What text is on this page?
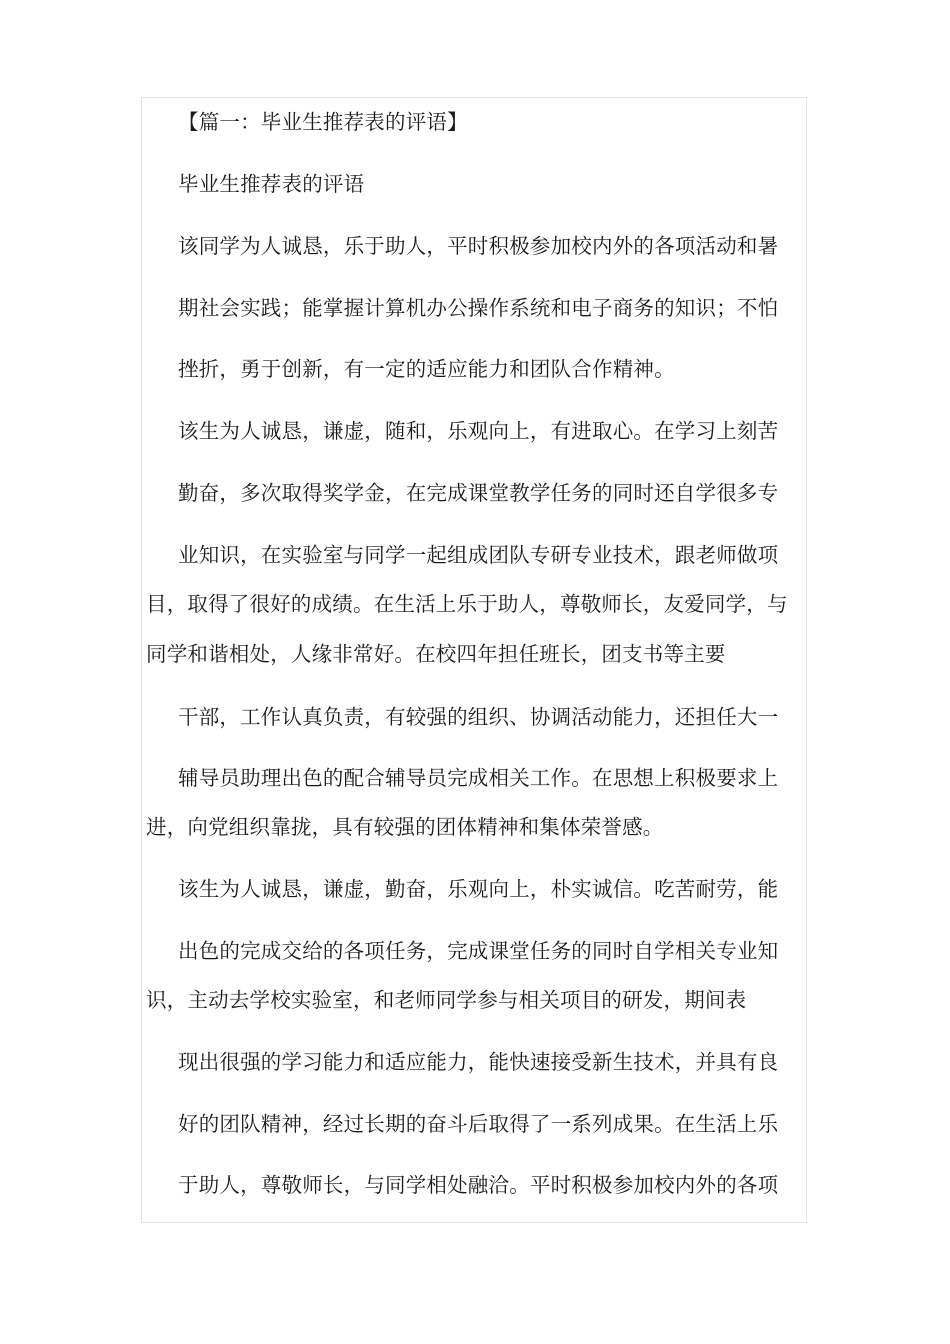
【篇一：毕业生推荐表的评语】
毕业生推荐表的评语
该同学为人诚恳，乐于助人，平时积极参加校内外的各项活动和暑
期社会实践；能掌握计算机办公操作系统和电子商务的知识；不怕
挫折，勇于创新，有一定的适应能力和团队合作精神。
该生为人诚恳，谦虚，随和，乐观向上，有进取心。在学习上刻苦
勤奋，多次取得奖学金，在完成课堂教学任务的同时还自学很多专
业知识，在实验室与同学一起组成团队专研专业技术，跟老师做项
目，取得了很好的成绩。在生活上乐于助人，尊敬师长，友爱同学，与
同学和谐相处，人缘非常好。在校四年担任班长，团支书等主要
干部，工作认真负责，有较强的组织、协调活动能力，还担任大一
辅导员助理出色的配合辅导员完成相关工作。在思想上积极要求上
进，向党组织靠拢，具有较强的团体精神和集体荣誉感。
该生为人诚恳，谦虚，勤奋，乐观向上，朴实诚信。吃苦耐劳，能
出色的完成交给的各项任务，完成课堂任务的同时自学相关专业知
识，主动去学校实验室，和老师同学参与相关项目的研发，期间表
现出很强的学习能力和适应能力，能快速接受新生技术，并具有良
好的团队精神，经过长期的奋斗后取得了一系列成果。在生活上乐
于助人，尊敬师长，与同学相处融洽。平时积极参加校内外的各项
